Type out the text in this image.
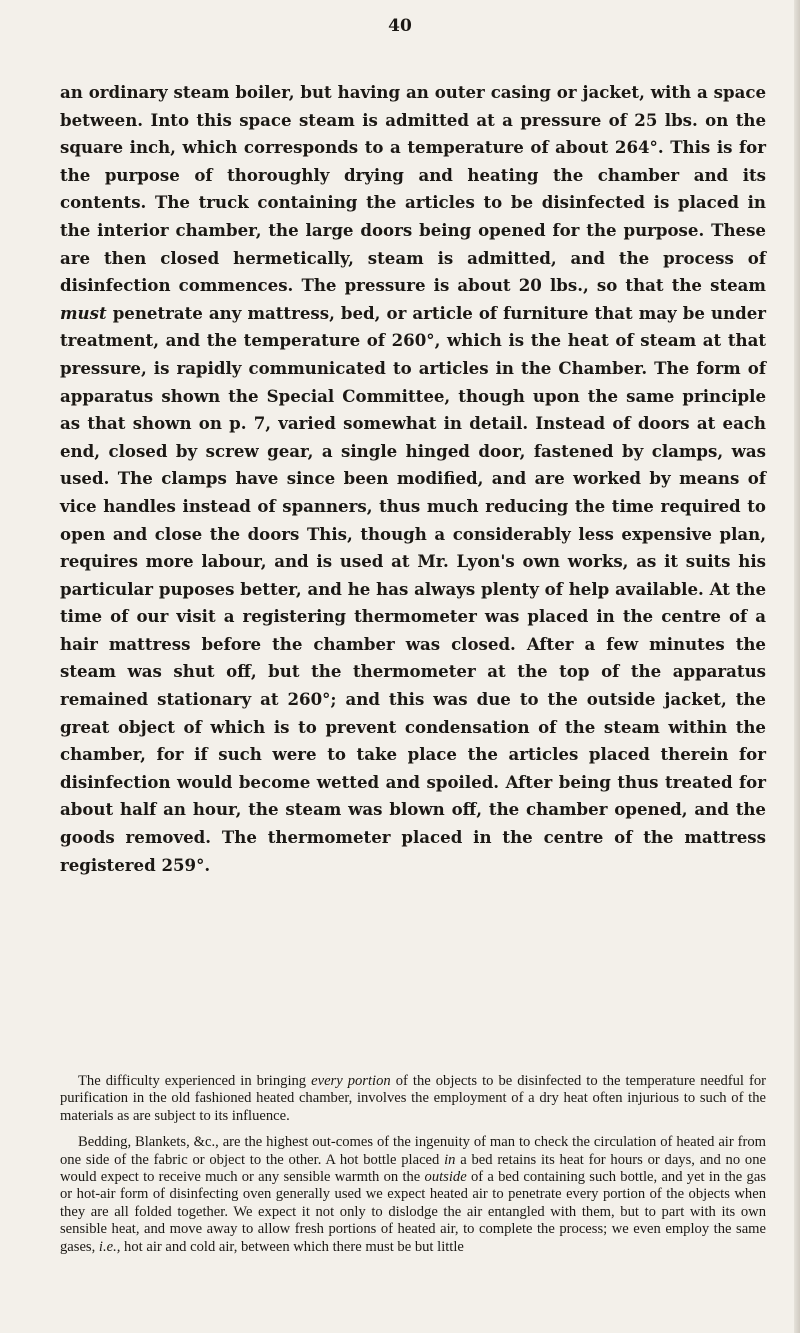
40

an ordinary steam boiler, but having an outer casing or jacket, with a space between. Into this space steam is admitted at a pressure of 25 lbs. on the square inch, which corresponds to a temperature of about 264°. This is for the purpose of thoroughly drying and heating the chamber and its contents. The truck containing the articles to be disinfected is placed in the interior chamber, the large doors being opened for the purpose. These are then closed hermetically, steam is admitted, and the process of disinfection commences. The pressure is about 20 lbs., so that the steam must penetrate any mattress, bed, or article of furniture that may be under treatment, and the temperature of 260°, which is the heat of steam at that pressure, is rapidly communicated to articles in the Chamber. The form of apparatus shown the Special Committee, though upon the same principle as that shown on p. 7, varied somewhat in detail. Instead of doors at each end, closed by screw gear, a single hinged door, fastened by clamps, was used. The clamps have since been modified, and are worked by means of vice handles instead of spanners, thus much reducing the time required to open and close the doors This, though a considerably less expensive plan, requires more labour, and is used at Mr. Lyon's own works, as it suits his particular puposes better, and he has always plenty of help available. At the time of our visit a registering thermometer was placed in the centre of a hair mattress before the chamber was closed. After a few minutes the steam was shut off, but the thermometer at the top of the apparatus remained stationary at 260°; and this was due to the outside jacket, the great object of which is to prevent condensation of the steam within the chamber, for if such were to take place the articles placed therein for disinfection would become wetted and spoiled. After being thus treated for about half an hour, the steam was blown off, the chamber opened, and the goods removed. The thermometer placed in the centre of the mattress registered 259°.

The difficulty experienced in bringing every portion of the objects to be disinfected to the temperature needful for purification in the old fashioned heated chamber, involves the employment of a dry heat often injurious to such of the materials as are subject to its influence.

Bedding, Blankets, &c., are the highest out-comes of the ingenuity of man to check the circulation of heated air from one side of the fabric or object to the other. A hot bottle placed in a bed retains its heat for hours or days, and no one would expect to receive much or any sensible warmth on the outside of a bed containing such bottle, and yet in the gas or hot-air form of disinfecting oven generally used we expect heated air to penetrate every portion of the objects when they are all folded together. We expect it not only to dislodge the air entangled with them, but to part with its own sensible heat, and move away to allow fresh portions of heated air, to complete the process; we even employ the same gases, i.e., hot air and cold air, between which there must be but little
